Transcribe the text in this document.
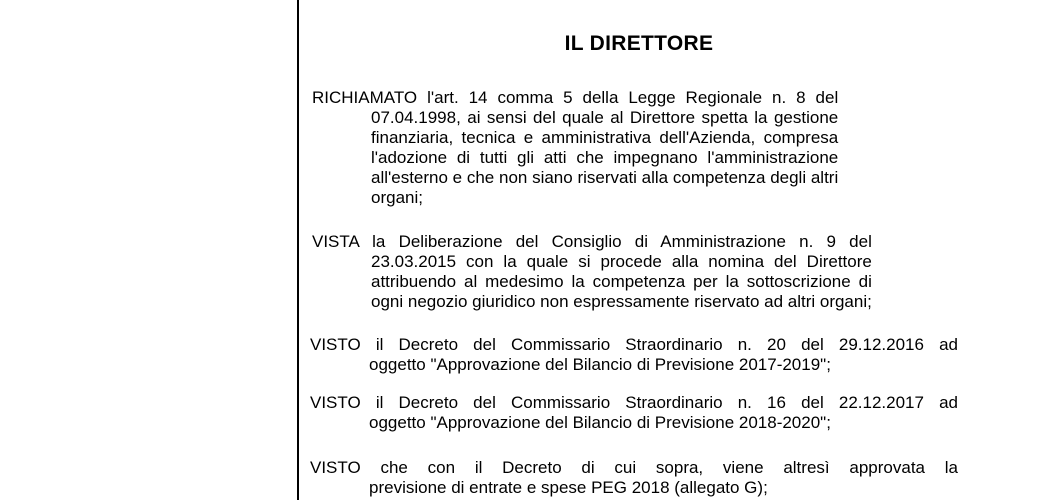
IL DIRETTORE

RICHIAMATO l'art. 14 comma 5 della Legge Regionale n. 8 del
07.04.1998, ai sensi del quale al Direttore spetta la gestione
finanziaria, tecnica e amministrativa dell'Azienda, compresa
l'adozione di tutti gli atti che impegnano l'amministrazione
all'esterno e che non siano riservati alla competenza degli altri
organi;

VISTA la Deliberazione del Consiglio di Amministrazione n. 9 del
23.03.2015 con la quale si procede alla nomina del Direttore
attribuendo al medesimo la competenza per la sottoscrizione di
ogni negozio giuridico non espressamente riservato ad altri organi;

VISTO il Decreto del Commissario Straordinario n. 20 del 29.12.2016 ad
oggetto "Approvazione del Bilancio di Previsione 2017-2019";

VISTO il Decreto del Commissario Straordinario n. 16 del 22.12.2017 ad
oggetto "Approvazione del Bilancio di Previsione 2018-2020";

VISTO che con il Decreto di cui sopra, viene altresì approvata la
previsione di entrate e spese PEG 2018 (allegato G);
